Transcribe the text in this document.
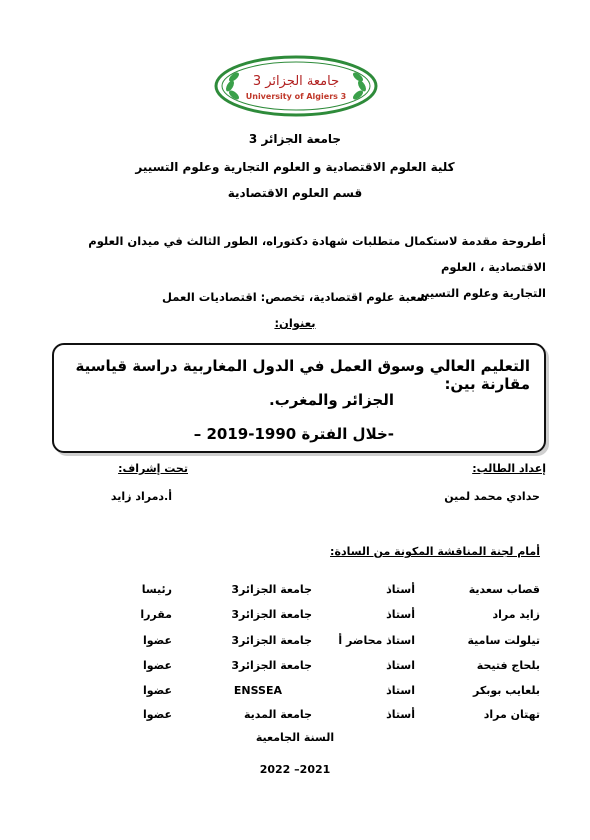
جامعة الجزائر 3
University of Algiers 3
جامعة الجزائر 3
كلية العلوم الاقتصادية و العلوم التجارية وعلوم التسيير
قسم العلوم الاقتصادية
أطروحة مقدمة لاستكمال متطلبات شهادة دكتوراه، الطور الثالث في ميدان العلوم الاقتصادية ، العلوم
التجارية وعلوم التسيير
شعبة علوم اقتصادية، تخصص: اقتصاديات العمل
بعنوان:
التعليم العالي وسوق العمل في الدول المغاربية دراسة قياسية مقارنة بين:
الجزائر والمغرب.
-خلال الفترة 1990-2019 –
إعداد الطالب:
حدادي محمد لمين
تحت إشراف:
أ.دمراد زايد
أمام لجنة المناقشة المكونة من السادة:
قصاب سعدية
أستاذ
جامعة الجزائر3
رئيسا
زايد مراد
أستاذ
جامعة الجزائر3
مقررا
تيلولت سامية
استاذ محاضر أ
جامعة الجزائر3
عضوا
بلحاج فتيحة
استاذ
جامعة الجزائر3
عضوا
بلعايب بوبكر
استاذ
ENSSEA
عضوا
تهتان مراد
أستاذ
جامعة المدية
عضوا
السنة الجامعية
2022 –2021
